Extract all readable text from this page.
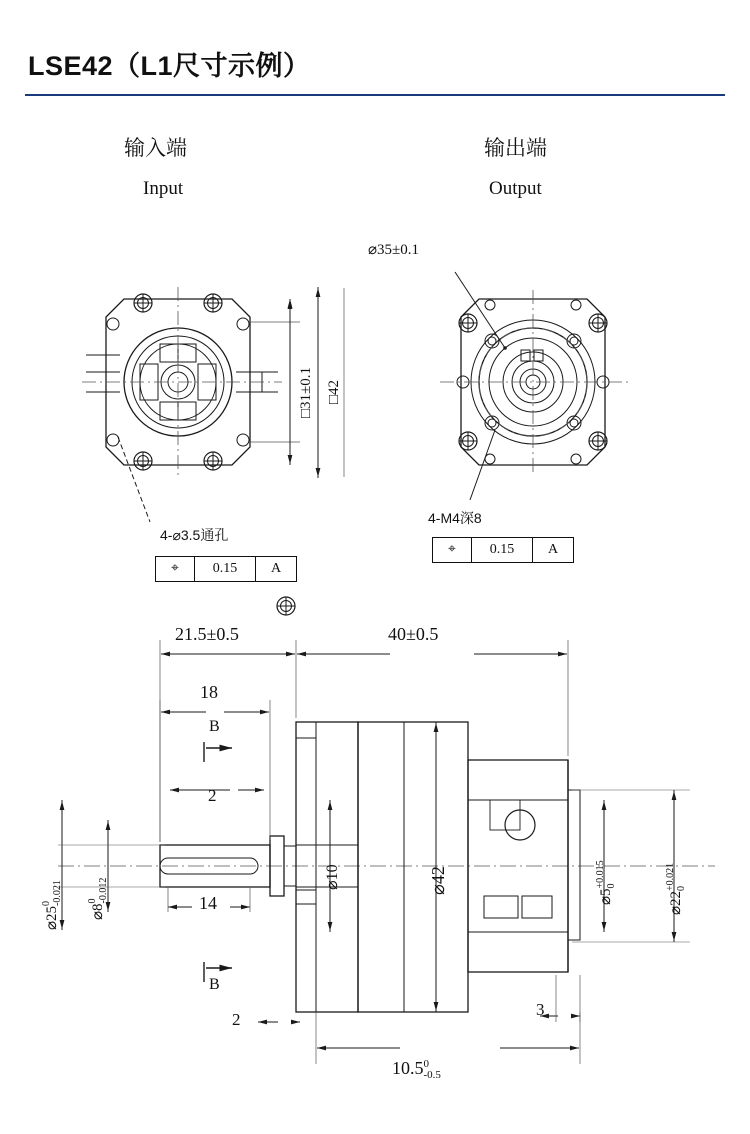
LSE42（L1尺寸示例）
输入端
Input
输出端
Output
□31±0.1 □42
4-⌀3.5通孔
⌖	0.15	A
⌀35±0.1
4-M4深8
⌖	0.15	A
21.5±0.5	40±0.5
18
2
14
2
3
B
B
⌀25
0 -0.021
⌀8
0 -0.012
⌀10	⌀42
⌀5
+0.015 0
⌀22
+0.021 0
10.5 0
-0.5
